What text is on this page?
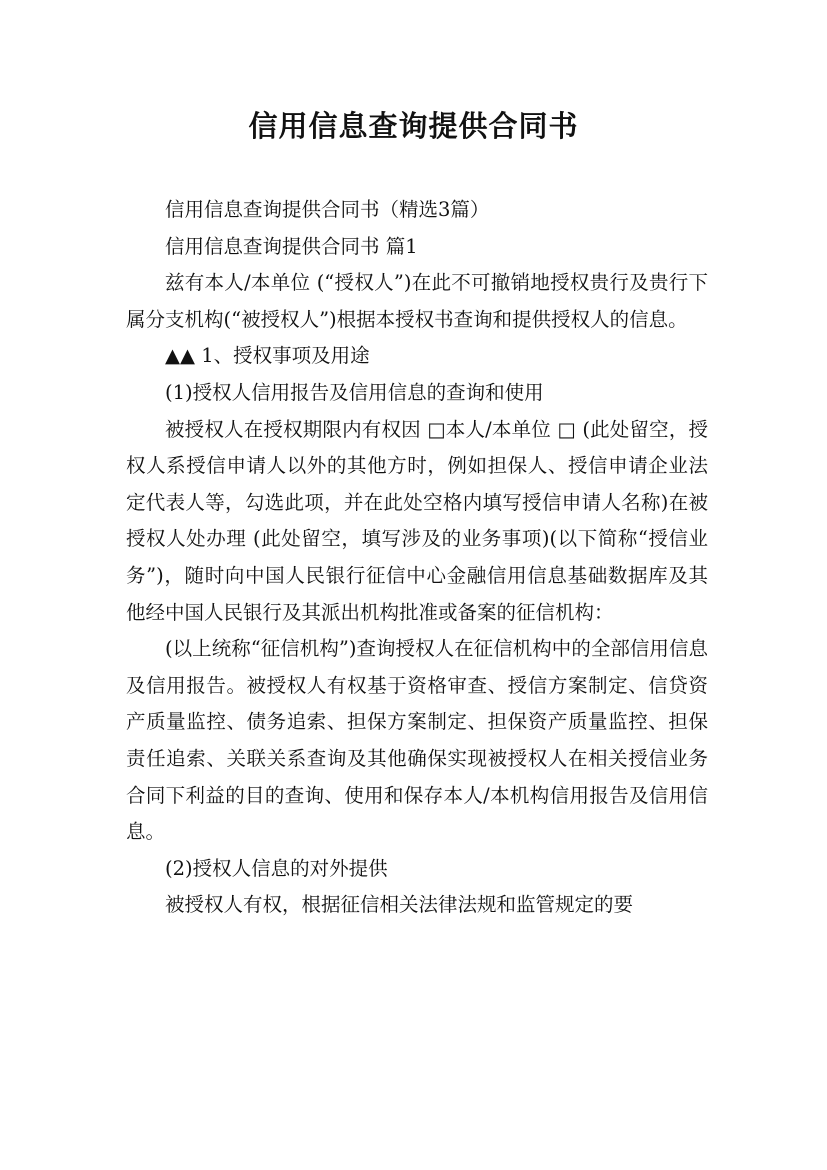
信用信息查询提供合同书

信用信息查询提供合同书（精选3篇）

信用信息查询提供合同书 篇1

兹有本人/本单位 (“授权人”)在此不可撤销地授权贵行及贵行下属分支机构(“被授权人”)根据本授权书查询和提供授权人的信息。

▲▲ 1、授权事项及用途

(1)授权人信用报告及信用信息的查询和使用

被授权人在授权期限内有权因 □本人/本单位 □ (此处留空，授权人系授信申请人以外的其他方时，例如担保人、授信申请企业法定代表人等，勾选此项，并在此处空格内填写授信申请人名称)在被授权人处办理 (此处留空，填写涉及的业务事项)(以下简称“授信业务”)，随时向中国人民银行征信中心金融信用信息基础数据库及其他经中国人民银行及其派出机构批准或备案的征信机构：

(以上统称“征信机构”)查询授权人在征信机构中的全部信用信息及信用报告。被授权人有权基于资格审查、授信方案制定、信贷资产质量监控、债务追索、担保方案制定、担保资产质量监控、担保责任追索、关联关系查询及其他确保实现被授权人在相关授信业务合同下利益的目的查询、使用和保存本人/本机构信用报告及信用信息。

(2)授权人信息的对外提供

被授权人有权，根据征信相关法律法规和监管规定的要
